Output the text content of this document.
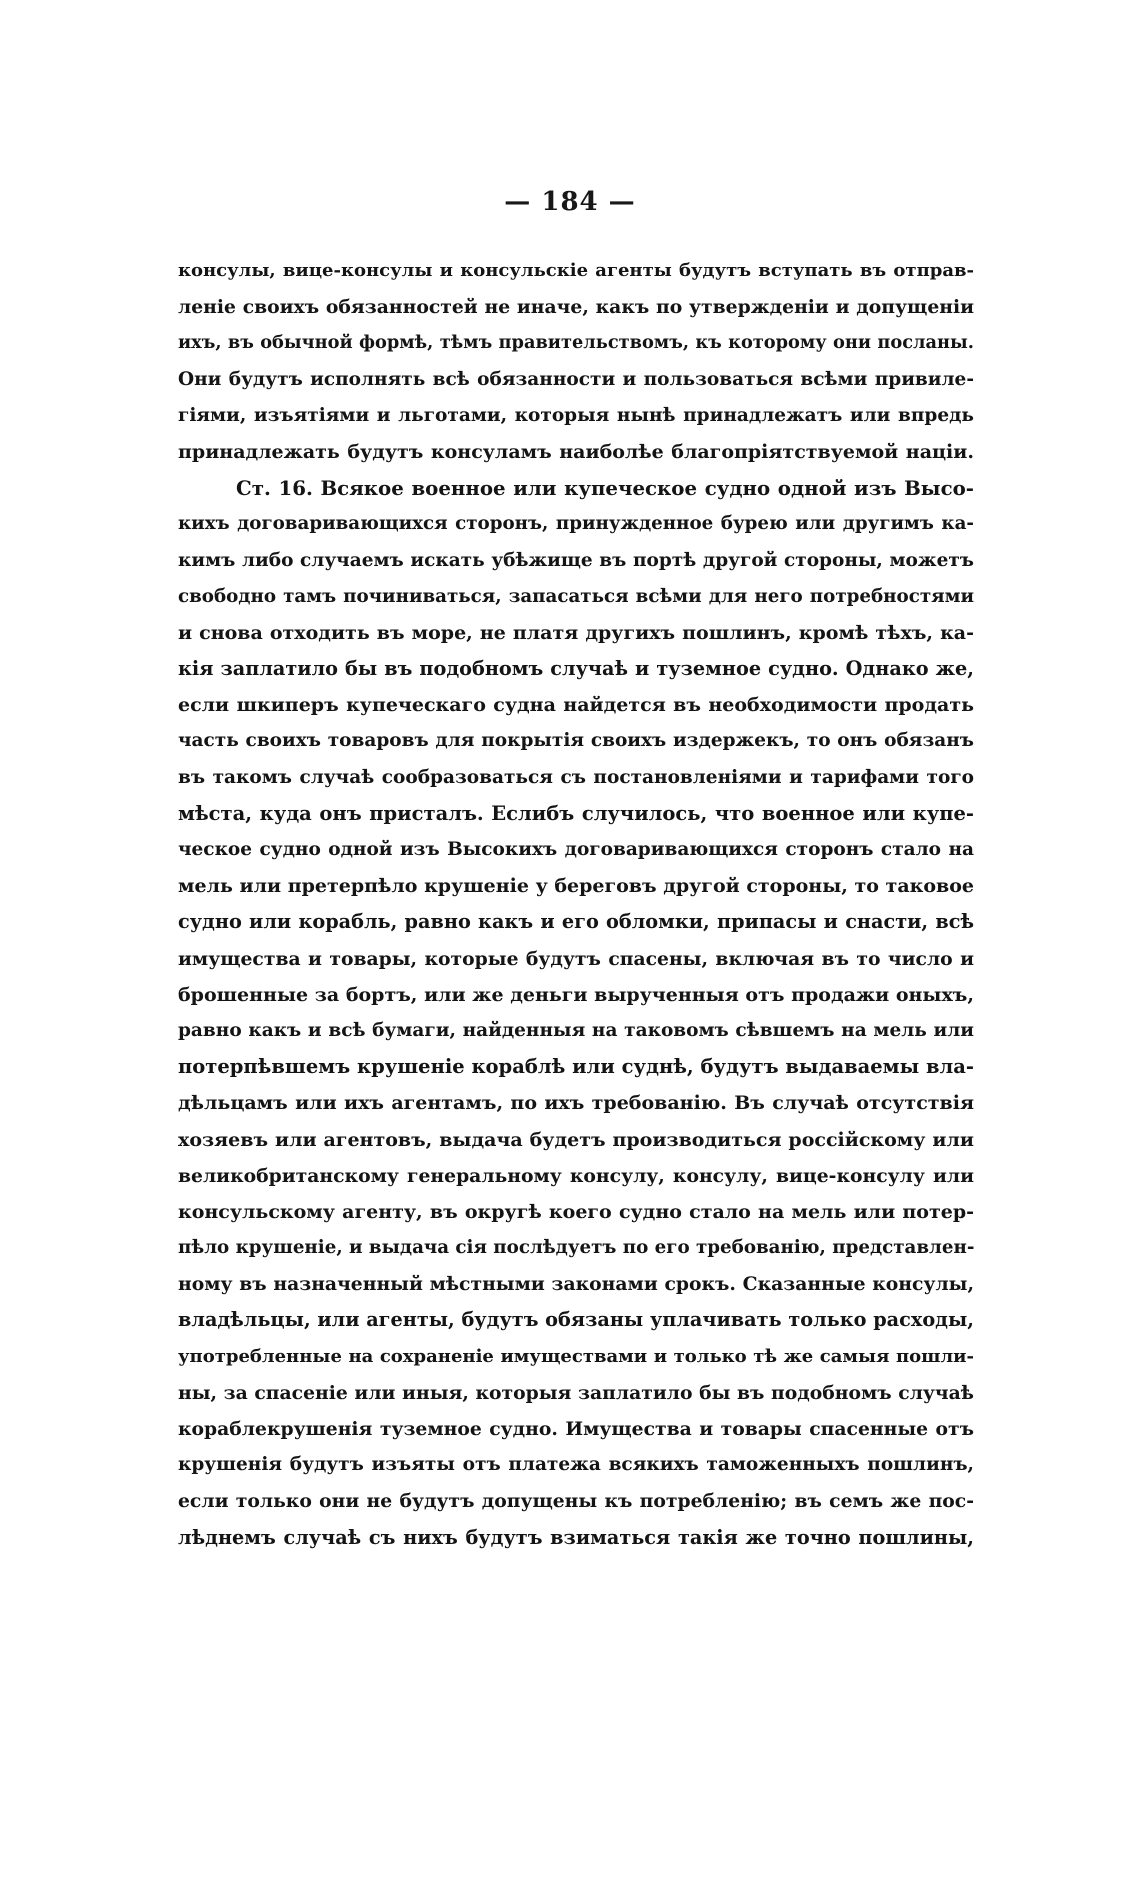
— 184 —
консулы, вице-консулы и консульскіе агенты будутъ вступать въ отправ-
леніе своихъ обязанностей не иначе, какъ по утвержденіи и допущеніи
ихъ, въ обычной формѣ, тѣмъ правительствомъ, къ которому они посланы.
Они будутъ исполнять всѣ обязанности и пользоваться всѣми привиле-
гіями, изъятіями и льготами, которыя нынѣ принадлежатъ или впредь
принадлежать будутъ консуламъ наиболѣе благопріятствуемой націи.
Ст. 16. Всякое военное или купеческое судно одной изъ Высо-
кихъ договаривающихся сторонъ, принужденное бурею или другимъ ка-
кимъ либо случаемъ искать убѣжище въ портѣ другой стороны, можетъ
свободно тамъ починиваться, запасаться всѣми для него потребностями
и снова отходить въ море, не платя другихъ пошлинъ, кромѣ тѣхъ, ка-
кія заплатило бы въ подобномъ случаѣ и туземное судно. Однако же,
если шкиперъ купеческаго судна найдется въ необходимости продать
часть своихъ товаровъ для покрытія своихъ издержекъ, то онъ обязанъ
въ такомъ случаѣ сообразоваться съ постановленіями и тарифами того
мѣста, куда онъ присталъ. Еслибъ случилось, что военное или купе-
ческое судно одной изъ Высокихъ договаривающихся сторонъ стало на
мель или претерпѣло крушеніе у береговъ другой стороны, то таковое
судно или корабль, равно какъ и его обломки, припасы и снасти, всѣ
имущества и товары, которые будутъ спасены, включая въ то число и
брошенные за бортъ, или же деньги вырученныя отъ продажи оныхъ,
равно какъ и всѣ бумаги, найденныя на таковомъ сѣвшемъ на мель или
потерпѣвшемъ крушеніе кораблѣ или суднѣ, будутъ выдаваемы вла-
дѣльцамъ или ихъ агентамъ, по ихъ требованію. Въ случаѣ отсутствія
хозяевъ или агентовъ, выдача будетъ производиться россійскому или
великобританскому генеральному консулу, консулу, вице-консулу или
консульскому агенту, въ округѣ коего судно стало на мель или потер-
пѣло крушеніе, и выдача сія послѣдуетъ по его требованію, представлен-
ному въ назначенный мѣстными законами срокъ. Сказанные консулы,
владѣльцы, или агенты, будутъ обязаны уплачивать только расходы,
употребленные на сохраненіе имуществами и только тѣ же самыя пошли-
ны, за спасеніе или иныя, которыя заплатило бы въ подобномъ случаѣ
кораблекрушенія туземное судно. Имущества и товары спасенные отъ
крушенія будутъ изъяты отъ платежа всякихъ таможенныхъ пошлинъ,
если только они не будутъ допущены къ потребленію; въ семъ же пос-
лѣднемъ случаѣ съ нихъ будутъ взиматься такія же точно пошлины,
